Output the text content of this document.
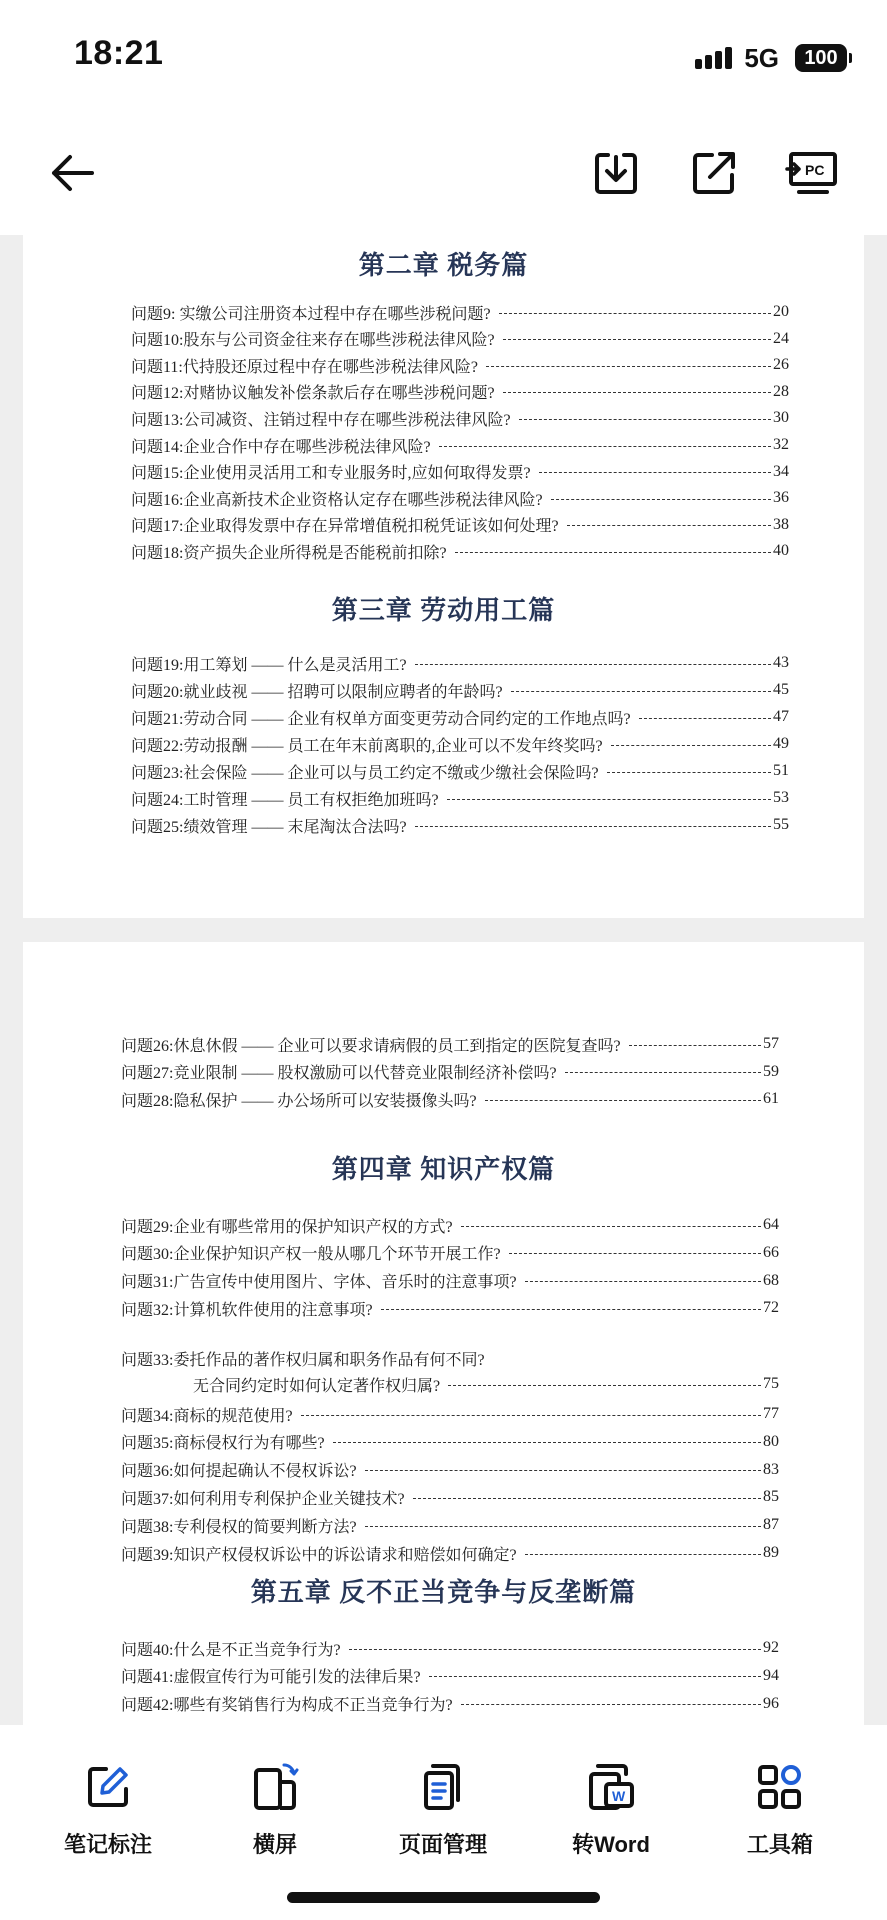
18:21	5G 100
PC
第二章 税务篇
问题9: 实缴公司注册资本过程中存在哪些涉税问题?	20
问题10:股东与公司资金往来存在哪些涉税法律风险?	24
问题11:代持股还原过程中存在哪些涉税法律风险?	26
问题12:对赌协议触发补偿条款后存在哪些涉税问题?	28
问题13:公司减资、注销过程中存在哪些涉税法律风险?	30
问题14:企业合作中存在哪些涉税法律风险?	32
问题15:企业使用灵活用工和专业服务时,应如何取得发票?	34
问题16:企业高新技术企业资格认定存在哪些涉税法律风险?	36
问题17:企业取得发票中存在异常增值税扣税凭证该如何处理?	38
问题18:资产损失企业所得税是否能税前扣除?	40
第三章 劳动用工篇
问题19:用工筹划 —— 什么是灵活用工?	43
问题20:就业歧视 —— 招聘可以限制应聘者的年龄吗?	45
问题21:劳动合同 —— 企业有权单方面变更劳动合同约定的工作地点吗?	47
问题22:劳动报酬 —— 员工在年末前离职的,企业可以不发年终奖吗?	49
问题23:社会保险 —— 企业可以与员工约定不缴或少缴社会保险吗?	51
问题24:工时管理 —— 员工有权拒绝加班吗?	53
问题25:绩效管理 —— 末尾淘汰合法吗?	55
问题26:休息休假 —— 企业可以要求请病假的员工到指定的医院复查吗?	57
问题27:竞业限制 —— 股权激励可以代替竞业限制经济补偿吗?	59
问题28:隐私保护 —— 办公场所可以安装摄像头吗?	61
第四章 知识产权篇
问题29:企业有哪些常用的保护知识产权的方式?	64
问题30:企业保护知识产权一般从哪几个环节开展工作?	66
问题31:广告宣传中使用图片、字体、音乐时的注意事项?	68
问题32:计算机软件使用的注意事项?	72
问题33:委托作品的著作权归属和职务作品有何不同?
无合同约定时如何认定著作权归属?	75
问题34:商标的规范使用?	77
问题35:商标侵权行为有哪些?	80
问题36:如何提起确认不侵权诉讼?	83
问题37:如何利用专利保护企业关键技术?	85
问题38:专利侵权的简要判断方法?	87
问题39:知识产权侵权诉讼中的诉讼请求和赔偿如何确定?	89
第五章 反不正当竞争与反垄断篇
问题40:什么是不正当竞争行为?	92
问题41:虚假宣传行为可能引发的法律后果?	94
问题42:哪些有奖销售行为构成不正当竞争行为?	96
笔记标注	横屏	页面管理
W
转Word	工具箱
